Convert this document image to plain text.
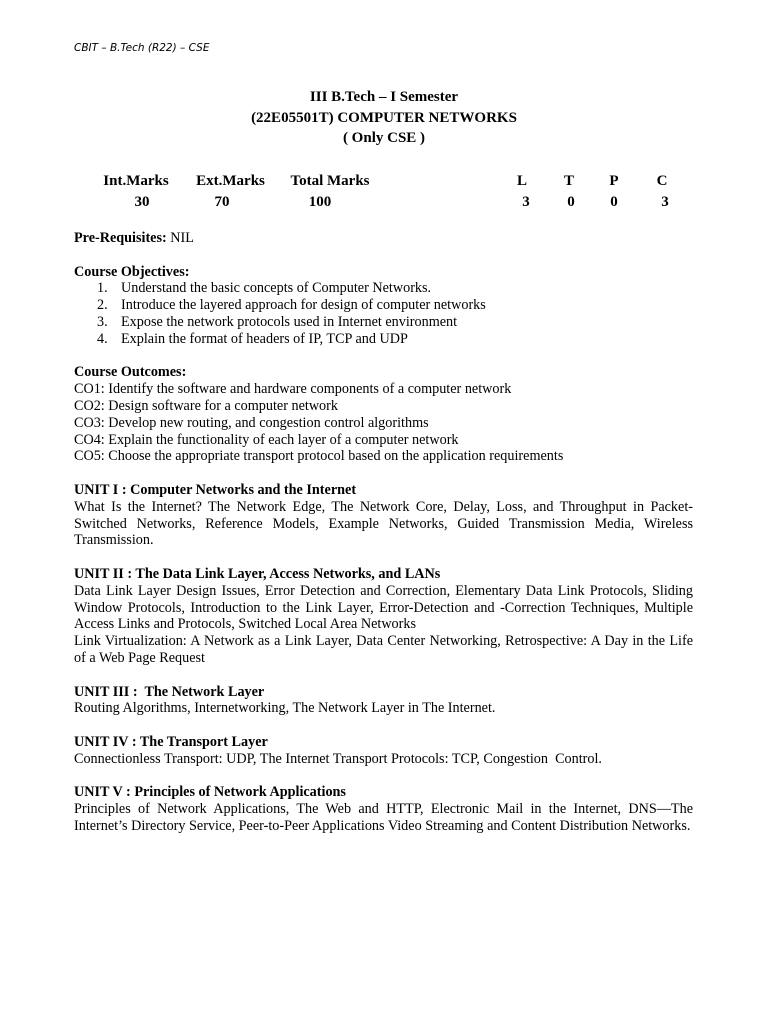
CBIT – B.Tech (R22) – CSE
III B.Tech – I Semester
(22E05501T) COMPUTER NETWORKS
( Only CSE )
Int.Marks
30
Ext.Marks
70
Total Marks
100
L
3
T
0
P
0
C
3

Pre-Requisites: NIL

Course Objectives:

1. Understand the basic concepts of Computer Networks.
2. Introduce the layered approach for design of computer networks
3. Expose the network protocols used in Internet environment
4. Explain the format of headers of IP, TCP and UDP

Course Outcomes:

CO1: Identify the software and hardware components of a computer network

CO2: Design software for a computer network

CO3: Develop new routing, and congestion control algorithms

CO4: Explain the functionality of each layer of a computer network

CO5: Choose the appropriate transport protocol based on the application requirements

UNIT I : Computer Networks and the Internet

What Is the Internet? The Network Edge, The Network Core, Delay, Loss, and Throughput in Packet-Switched Networks, Reference Models, Example Networks, Guided Transmission Media, Wireless Transmission.

UNIT II : The Data Link Layer, Access Networks, and LANs

Data Link Layer Design Issues, Error Detection and Correction, Elementary Data Link Protocols, Sliding Window Protocols, Introduction to the Link Layer, Error-Detection and -Correction Techniques, Multiple Access Links and Protocols, Switched Local Area Networks

Link Virtualization: A Network as a Link Layer, Data Center Networking, Retrospective: A Day in the Life of a Web Page Request

UNIT III :  The Network Layer

Routing Algorithms, Internetworking, The Network Layer in The Internet.

UNIT IV : The Transport Layer

Connectionless Transport: UDP, The Internet Transport Protocols: TCP, Congestion  Control.

UNIT V : Principles of Network Applications

Principles of Network Applications, The Web and HTTP, Electronic Mail in the Internet, DNS—The Internet’s Directory Service, Peer-to-Peer Applications Video Streaming and Content Distribution Networks.
